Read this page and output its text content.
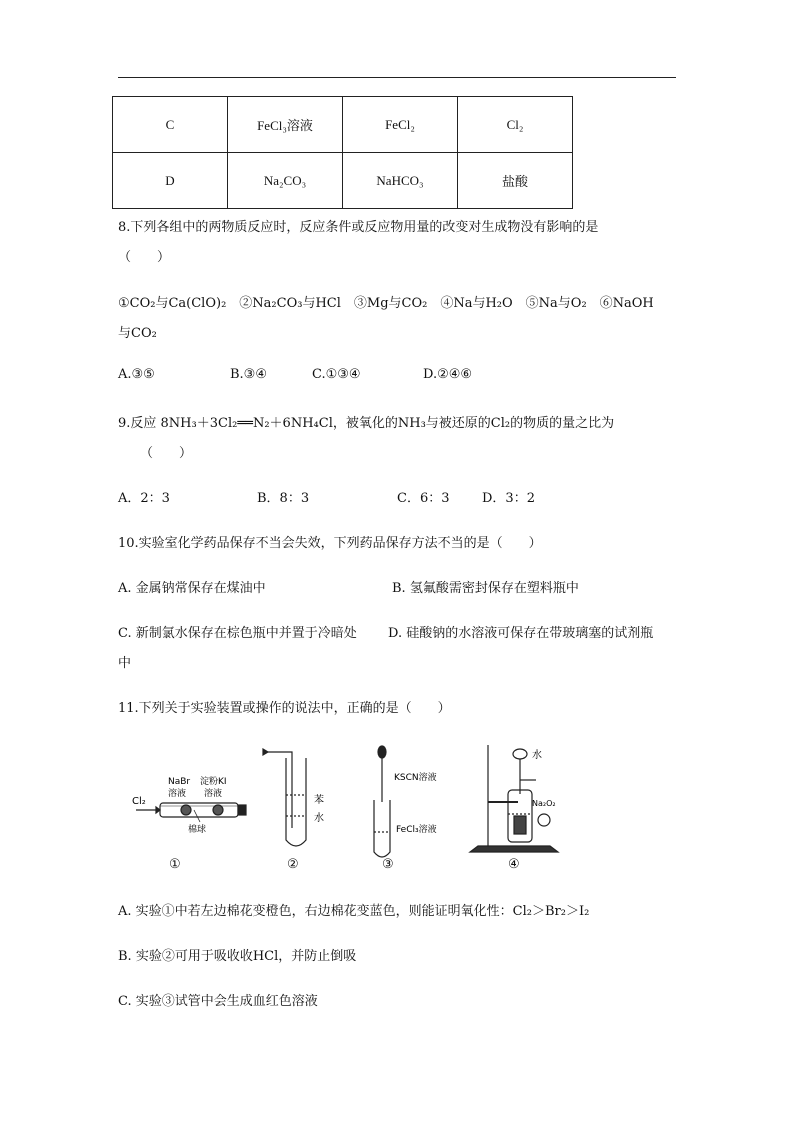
C	FeCl₃溶液	FeCl₂	Cl₂
D	Na₂CO₃	NaHCO₃	盐酸
8.下列各组中的两物质反应时，反应条件或反应物用量的改变对生成物没有影响的是
（　　）
①CO₂与Ca(ClO)₂　②Na₂CO₃与HCl　③Mg与CO₂　④Na与H₂O　⑤Na与O₂　⑥NaOH
与CO₂
A.③⑤	B.③④	C.①③④	D.②④⑥
9.反应 8NH₃＋3Cl₂══N₂＋6NH₄Cl，被氧化的NH₃与被还原的Cl₂的物质的量之比为
（　　）
A．2：3	B．8：3	C．6：3	D．3：2
10.实验室化学药品保存不当会失效，下列药品保存方法不当的是（　　）
A. 金属钠常保存在煤油中	B. 氢氟酸需密封保存在塑料瓶中
C. 新制氯水保存在棕色瓶中并置于冷暗处 D. 硅酸钠的水溶液可保存在带玻璃塞的试剂瓶
中
11.下列关于实验装置或操作的说法中，正确的是（　　）
Cl₂
NaBr
溶液
淀粉KI
溶液
棉球
苯
水
KSCN溶液
FeCl₃溶液
水
Na₂O₂
①	②	③	④
A. 实验①中若左边棉花变橙色，右边棉花变蓝色，则能证明氧化性：Cl₂＞Br₂＞I₂
B. 实验②可用于吸收收HCl，并防止倒吸
C. 实验③试管中会生成血红色溶液
